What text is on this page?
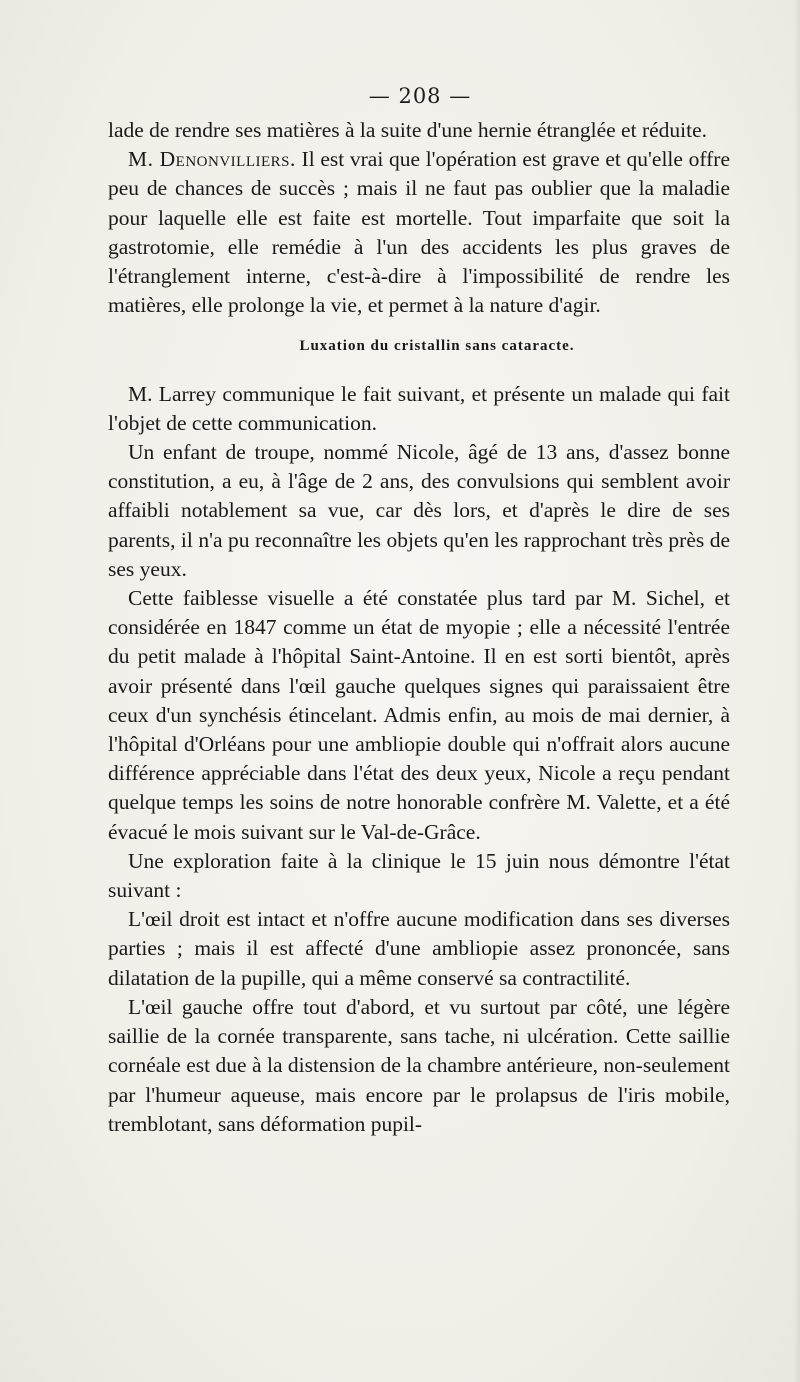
— 208 —

lade de rendre ses matières à la suite d'une hernie étranglée et réduite.

M. Denonvilliers. Il est vrai que l'opération est grave et qu'elle offre peu de chances de succès ; mais il ne faut pas oublier que la maladie pour laquelle elle est faite est mortelle. Tout imparfaite que soit la gastrotomie, elle remédie à l'un des accidents les plus graves de l'étranglement interne, c'est-à-dire à l'impossibilité de rendre les matières, elle prolonge la vie, et permet à la nature d'agir.

Luxation du cristallin sans cataracte.

M. Larrey communique le fait suivant, et présente un malade qui fait l'objet de cette communication.

Un enfant de troupe, nommé Nicole, âgé de 13 ans, d'assez bonne constitution, a eu, à l'âge de 2 ans, des convulsions qui semblent avoir affaibli notablement sa vue, car dès lors, et d'après le dire de ses parents, il n'a pu reconnaître les objets qu'en les rapprochant très près de ses yeux.

Cette faiblesse visuelle a été constatée plus tard par M. Sichel, et considérée en 1847 comme un état de myopie ; elle a nécessité l'entrée du petit malade à l'hôpital Saint-Antoine. Il en est sorti bientôt, après avoir présenté dans l'œil gauche quelques signes qui paraissaient être ceux d'un synchésis étincelant. Admis enfin, au mois de mai dernier, à l'hôpital d'Orléans pour une ambliopie double qui n'offrait alors aucune différence appréciable dans l'état des deux yeux, Nicole a reçu pendant quelque temps les soins de notre honorable confrère M. Valette, et a été évacué le mois suivant sur le Val-de-Grâce.

Une exploration faite à la clinique le 15 juin nous démontre l'état suivant :

L'œil droit est intact et n'offre aucune modification dans ses diverses parties ; mais il est affecté d'une ambliopie assez prononcée, sans dilatation de la pupille, qui a même conservé sa contractilité.

L'œil gauche offre tout d'abord, et vu surtout par côté, une légère saillie de la cornée transparente, sans tache, ni ulcération. Cette saillie cornéale est due à la distension de la chambre antérieure, non-seulement par l'humeur aqueuse, mais encore par le prolapsus de l'iris mobile, tremblotant, sans déformation pupil-
